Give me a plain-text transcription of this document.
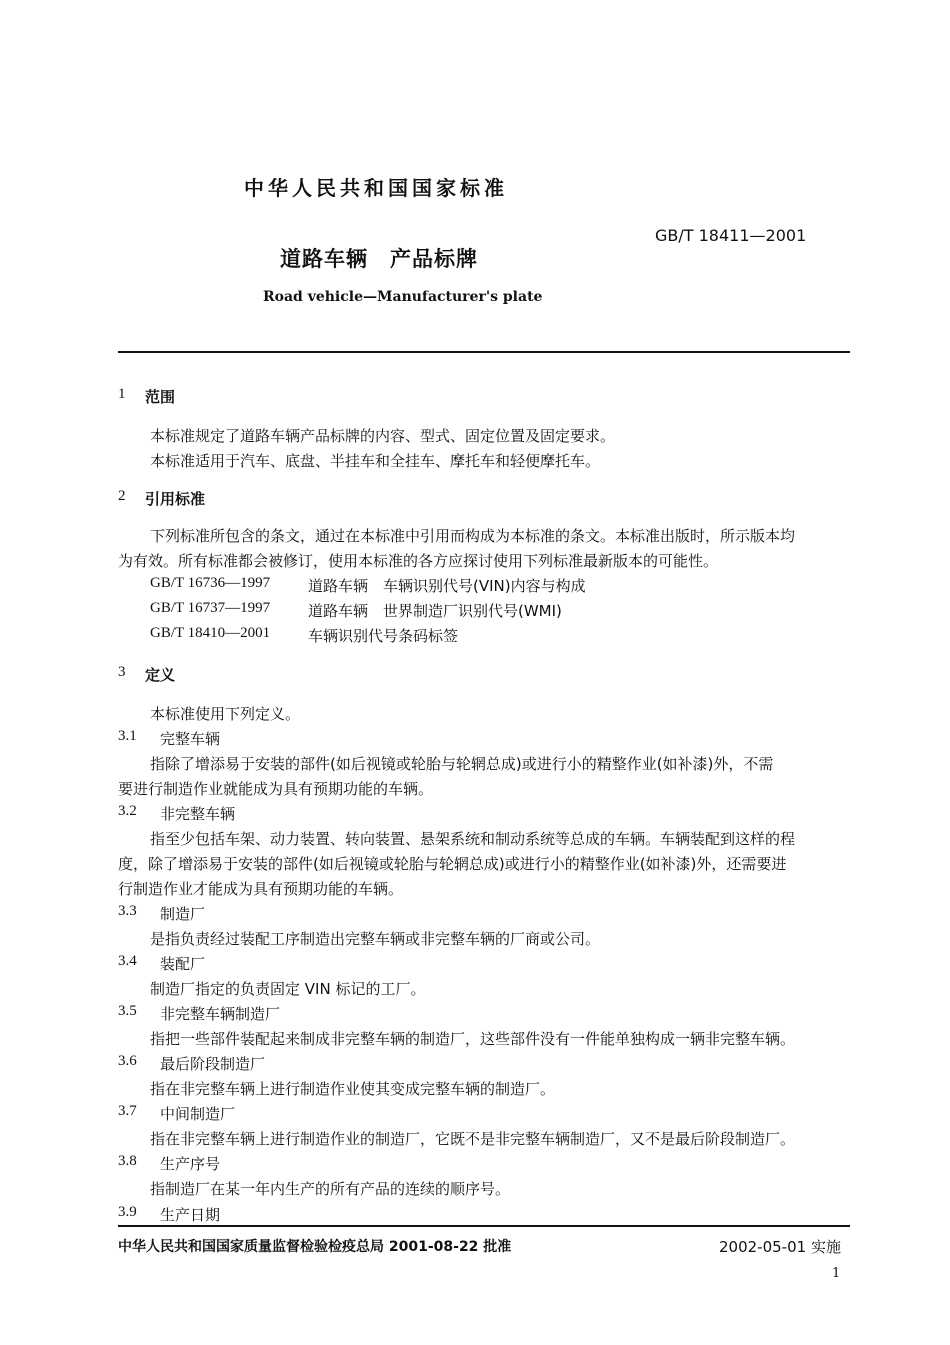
中华人民共和国国家标准
GB/T 18411—2001
道路车辆　产品标牌
Road vehicle—Manufacturer's plate
1 范围
本标准规定了道路车辆产品标牌的内容、型式、固定位置及固定要求。
本标准适用于汽车、底盘、半挂车和全挂车、摩托车和轻便摩托车。
2 引用标准
下列标准所包含的条文，通过在本标准中引用而构成为本标准的条文。本标准出版时，所示版本均
为有效。所有标准都会被修订，使用本标准的各方应探讨使用下列标准最新版本的可能性。
GB/T 16736—1997	道路车辆　车辆识别代号(VIN)内容与构成
GB/T 16737—1997	道路车辆　世界制造厂识别代号(WMI)
GB/T 18410—2001	车辆识别代号条码标签
3 定义
本标准使用下列定义。
3.1 完整车辆
指除了增添易于安装的部件(如后视镜或轮胎与轮辋总成)或进行小的精整作业(如补漆)外，不需
要进行制造作业就能成为具有预期功能的车辆。
3.2 非完整车辆
指至少包括车架、动力装置、转向装置、悬架系统和制动系统等总成的车辆。车辆装配到这样的程
度，除了增添易于安装的部件(如后视镜或轮胎与轮辋总成)或进行小的精整作业(如补漆)外，还需要进
行制造作业才能成为具有预期功能的车辆。
3.3 制造厂
是指负责经过装配工序制造出完整车辆或非完整车辆的厂商或公司。
3.4 装配厂
制造厂指定的负责固定 VIN 标记的工厂。
3.5 非完整车辆制造厂
指把一些部件装配起来制成非完整车辆的制造厂，这些部件没有一件能单独构成一辆非完整车辆。
3.6 最后阶段制造厂
指在非完整车辆上进行制造作业使其变成完整车辆的制造厂。
3.7 中间制造厂
指在非完整车辆上进行制造作业的制造厂，它既不是非完整车辆制造厂，又不是最后阶段制造厂。
3.8 生产序号
指制造厂在某一年内生产的所有产品的连续的顺序号。
3.9 生产日期
中华人民共和国国家质量监督检验检疫总局 2001-08-22 批准	2002-05-01 实施
1
